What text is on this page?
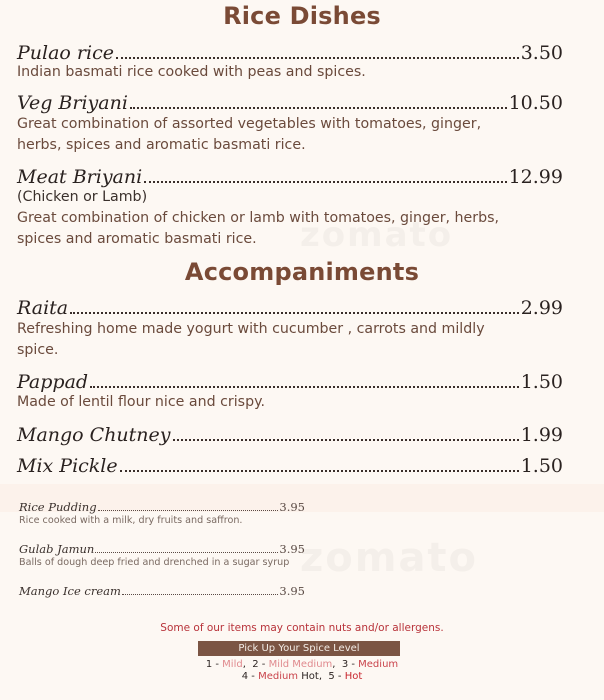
zomato
zomato
Rice Dishes
Pulao rice	3.50
Indian basmati rice cooked with peas and spices.
Veg Briyani	10.50
Great combination of assorted vegetables with tomatoes, ginger,
herbs, spices and aromatic basmati rice.
Meat Briyani	12.99
(Chicken or Lamb)
Great combination of chicken or lamb with tomatoes, ginger, herbs,
spices and aromatic basmati rice.
Accompaniments
Raita	2.99
Refreshing home made yogurt with cucumber , carrots and mildly
spice.
Pappad	1.50
Made of lentil flour nice and crispy.
Mango Chutney	1.99
Mix Pickle	1.50
Rice Pudding	3.95
Rice cooked with a milk, dry fruits and saffron.
Gulab Jamun	3.95
Balls of dough deep fried and drenched in a sugar syrup
Mango Ice cream	3.95
Some of our items may contain nuts and/or allergens.
Pick Up Your Spice Level
1 - Mild,  2 - Mild Medium,  3 - Medium
4 - Medium Hot,  5 - Hot
